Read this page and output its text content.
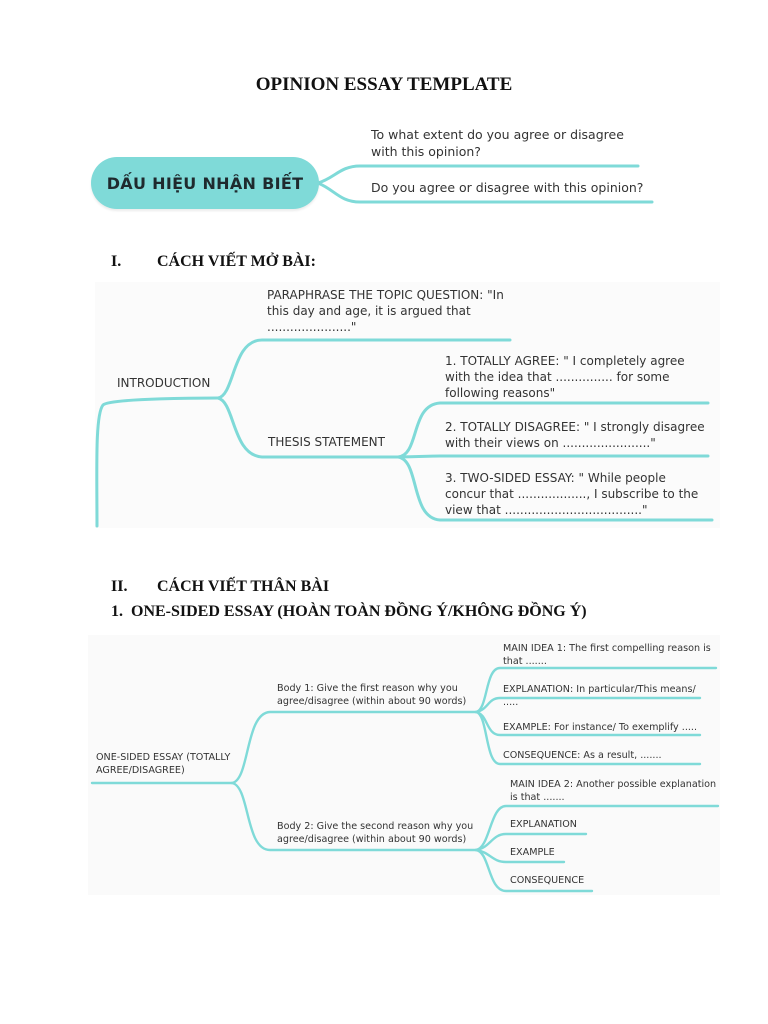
OPINION ESSAY TEMPLATE
DẤU HIỆU NHẬN BIẾT
To what extent do you agree or disagree
with this opinion?
Do you agree or disagree with this opinion?
I. CÁCH VIẾT MỞ BÀI:
INTRODUCTION
PARAPHRASE THE TOPIC QUESTION: "In
this day and age, it is argued that
......................"
THESIS STATEMENT
1. TOTALLY AGREE: " I completely agree
with the idea that ............... for some
following reasons"
2. TOTALLY DISAGREE: " I strongly disagree
with their views on ......................."
3. TWO-SIDED ESSAY: " While people
concur that .................., I subscribe to the
view that ...................................."
II. CÁCH VIẾT THÂN BÀI
1.  ONE-SIDED ESSAY (HOÀN TOÀN ĐỒNG Ý/KHÔNG ĐỒNG Ý)
ONE-SIDED ESSAY (TOTALLY
AGREE/DISAGREE)
Body 1: Give the first reason why you
agree/disagree (within about 90 words)
Body 2: Give the second reason why you
agree/disagree (within about 90 words)
MAIN IDEA 1: The first compelling reason is
that .......
EXPLANATION: In particular/This means/
.....
EXAMPLE: For instance/ To exemplify .....
CONSEQUENCE: As a result, .......
MAIN IDEA 2: Another possible explanation
is that .......
EXPLANATION
EXAMPLE
CONSEQUENCE
